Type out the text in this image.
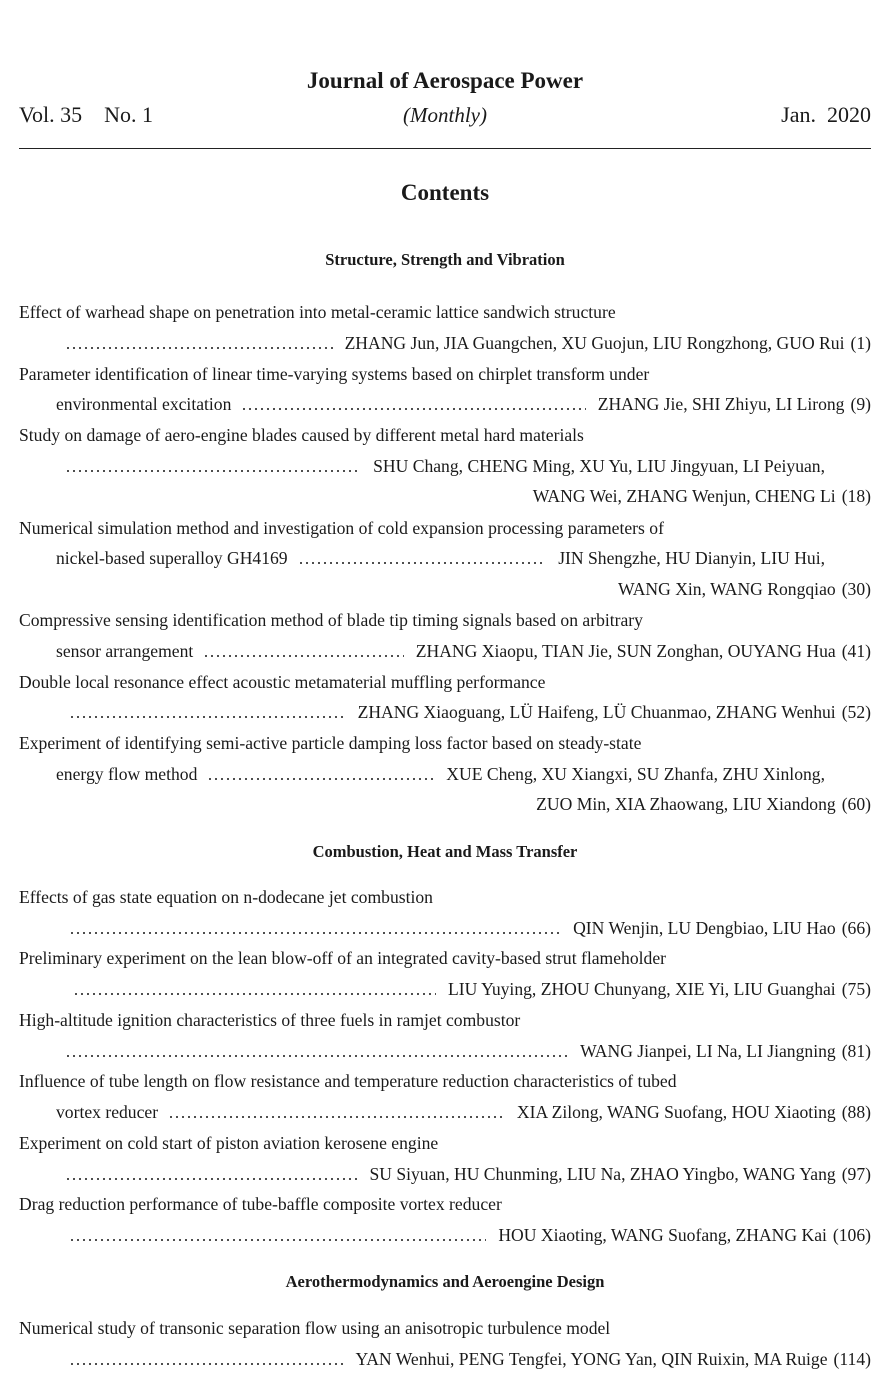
Journal of Aerospace Power
Vol. 35    No. 1	(Monthly)	Jan.  2020
Contents
Structure, Strength and Vibration
Effect of warhead shape on penetration into metal-ceramic lattice sandwich structure
ZHANG Jun, JIA Guangchen, XU Guojun, LIU Rongzhong, GUO Rui (1)
Parameter identification of linear time-varying systems based on chirplet transform under
environmental excitation	ZHANG Jie, SHI Zhiyu, LI Lirong (9)
Study on damage of aero-engine blades caused by different metal hard materials
SHU Chang, CHENG Ming, XU Yu, LIU Jingyuan, LI Peiyuan,
WANG Wei, ZHANG Wenjun, CHENG Li (18)
Numerical simulation method and investigation of cold expansion processing parameters of
nickel-based superalloy GH4169	JIN Shengzhe, HU Dianyin, LIU Hui,
WANG Xin, WANG Rongqiao (30)
Compressive sensing identification method of blade tip timing signals based on arbitrary
sensor arrangement	ZHANG Xiaopu, TIAN Jie, SUN Zonghan, OUYANG Hua (41)
Double local resonance effect acoustic metamaterial muffling performance
ZHANG Xiaoguang, LÜ Haifeng, LÜ Chuanmao, ZHANG Wenhui (52)
Experiment of identifying semi-active particle damping loss factor based on steady-state
energy flow method	XUE Cheng, XU Xiangxi, SU Zhanfa, ZHU Xinlong,
ZUO Min, XIA Zhaowang, LIU Xiandong (60)
Combustion, Heat and Mass Transfer
Effects of gas state equation on n-dodecane jet combustion
QIN Wenjin, LU Dengbiao, LIU Hao (66)
Preliminary experiment on the lean blow-off of an integrated cavity-based strut flameholder
LIU Yuying, ZHOU Chunyang, XIE Yi, LIU Guanghai (75)
High-altitude ignition characteristics of three fuels in ramjet combustor
WANG Jianpei, LI Na, LI Jiangning (81)
Influence of tube length on flow resistance and temperature reduction characteristics of tubed
vortex reducer	XIA Zilong, WANG Suofang, HOU Xiaoting (88)
Experiment on cold start of piston aviation kerosene engine
SU Siyuan, HU Chunming, LIU Na, ZHAO Yingbo, WANG Yang (97)
Drag reduction performance of tube-baffle composite vortex reducer
HOU Xiaoting, WANG Suofang, ZHANG Kai (106)
Aerothermodynamics and Aeroengine Design
Numerical study of transonic separation flow using an anisotropic turbulence model
YAN Wenhui, PENG Tengfei, YONG Yan, QIN Ruixin, MA Ruige (114)
